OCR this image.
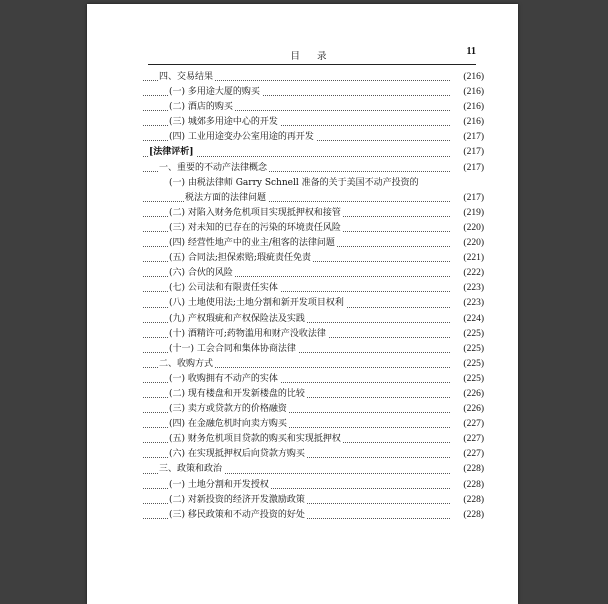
目 录	11
四、交易结果	(216)
(一) 多用途大厦的购买	(216)
(二) 酒店的购买	(216)
(三) 城郊多用途中心的开发	(216)
(四) 工业用途变办公室用途的再开发	(217)
[法律评析]	(217)
一、重要的不动产法律概念	(217)
(一) 由税法律师 Garry Schnell 准备的关于美国不动产投资的
税法方面的法律问题	(217)
(二) 对陷入财务危机项目实现抵押权和接管	(219)
(三) 对未知的已存在的污染的环境责任风险	(220)
(四) 经营性地产中的业主/租客的法律问题	(220)
(五) 合同法;担保索赔;瑕疵责任免责	(221)
(六) 合伙的风险	(222)
(七) 公司法和有限责任实体	(223)
(八) 土地使用法;土地分割和新开发项目权利	(223)
(九) 产权瑕疵和产权保险法及实践	(224)
(十) 酒精许可;药物滥用和财产没收法律	(225)
(十一) 工会合同和集体协商法律	(225)
二、收购方式	(225)
(一) 收购拥有不动产的实体	(225)
(二) 现有楼盘和开发新楼盘的比较	(226)
(三) 卖方或贷款方的价格融资	(226)
(四) 在金融危机时向卖方购买	(227)
(五) 财务危机项目贷款的购买和实现抵押权	(227)
(六) 在实现抵押权后向贷款方购买	(227)
三、政策和政治	(228)
(一) 土地分割和开发授权	(228)
(二) 对新投资的经济开发激励政策	(228)
(三) 移民政策和不动产投资的好处	(228)
